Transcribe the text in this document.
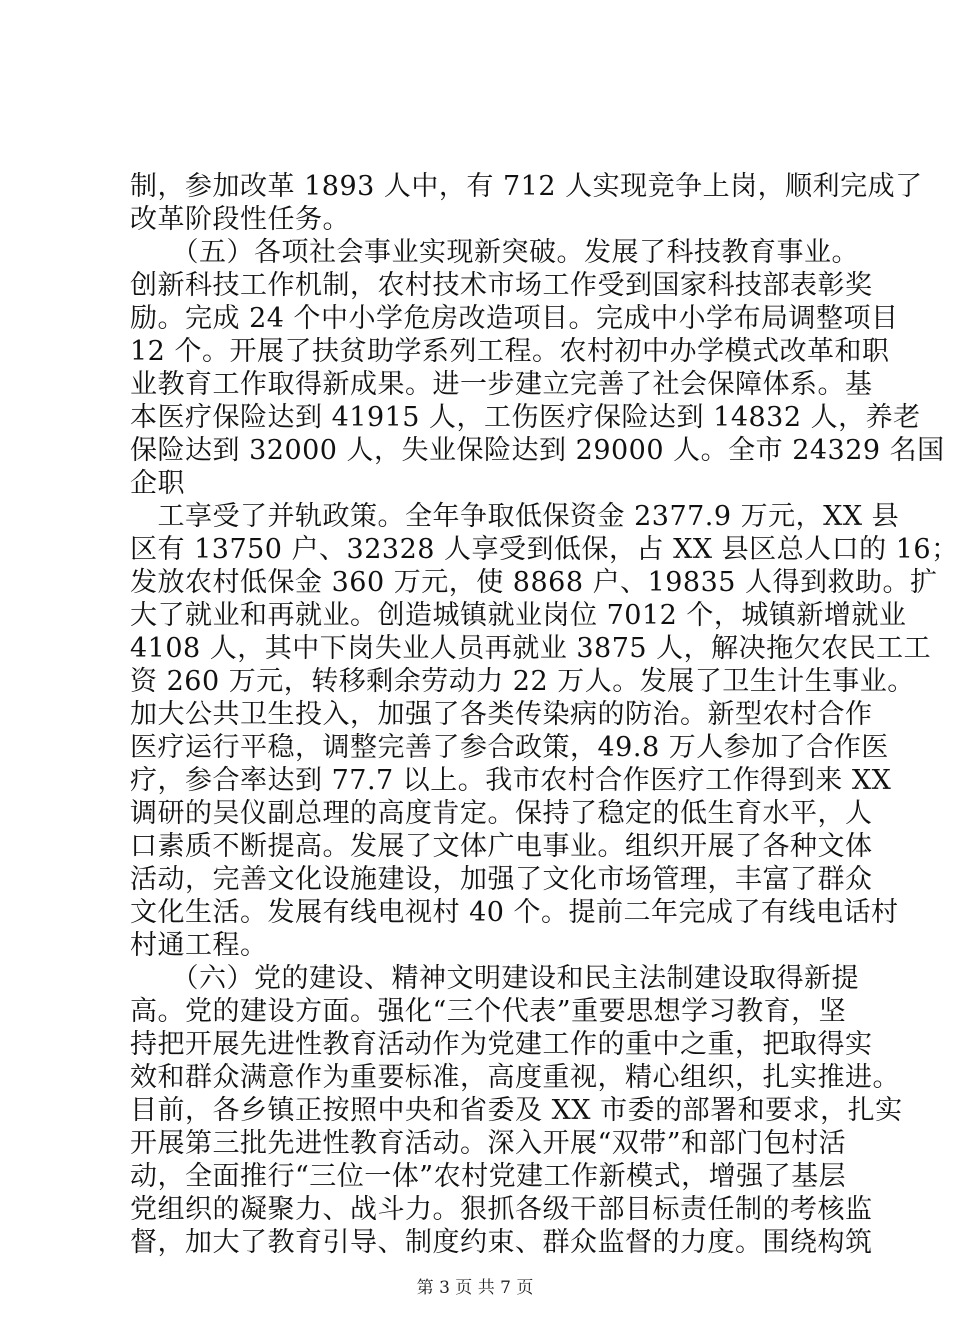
制，参加改革 1893 人中，有 712 人实现竞争上岗，顺利完成了
改革阶段性任务。
　　（五）各项社会事业实现新突破。发展了科技教育事业。
创新科技工作机制，农村技术市场工作受到国家科技部表彰奖
励。完成 24 个中小学危房改造项目。完成中小学布局调整项目
12 个。开展了扶贫助学系列工程。农村初中办学模式改革和职
业教育工作取得新成果。进一步建立完善了社会保障体系。基
本医疗保险达到 41915 人，工伤医疗保险达到 14832 人，养老
保险达到 32000 人，失业保险达到 29000 人。全市 24329 名国
企职
　工享受了并轨政策。全年争取低保资金 2377.9 万元，XX 县
区有 13750 户、32328 人享受到低保，占 XX 县区总人口的 16；
发放农村低保金 360 万元，使 8868 户、19835 人得到救助。扩
大了就业和再就业。创造城镇就业岗位 7012 个，城镇新增就业
4108 人，其中下岗失业人员再就业 3875 人，解决拖欠农民工工
资 260 万元，转移剩余劳动力 22 万人。发展了卫生计生事业。
加大公共卫生投入，加强了各类传染病的防治。新型农村合作
医疗运行平稳，调整完善了参合政策，49.8 万人参加了合作医
疗，参合率达到 77.7 以上。我市农村合作医疗工作得到来 XX
调研的吴仪副总理的高度肯定。保持了稳定的低生育水平，人
口素质不断提高。发展了文体广电事业。组织开展了各种文体
活动，完善文化设施建设，加强了文化市场管理，丰富了群众
文化生活。发展有线电视村 40 个。提前二年完成了有线电话村
村通工程。
　　（六）党的建设、精神文明建设和民主法制建设取得新提
高。党的建设方面。强化“三个代表”重要思想学习教育，坚
持把开展先进性教育活动作为党建工作的重中之重，把取得实
效和群众满意作为重要标准，高度重视，精心组织，扎实推进。
目前，各乡镇正按照中央和省委及 XX 市委的部署和要求，扎实
开展第三批先进性教育活动。深入开展“双带”和部门包村活
动，全面推行“三位一体”农村党建工作新模式，增强了基层
党组织的凝聚力、战斗力。狠抓各级干部目标责任制的考核监
督，加大了教育引导、制度约束、群众监督的力度。围绕构筑
第 3 页 共 7 页
